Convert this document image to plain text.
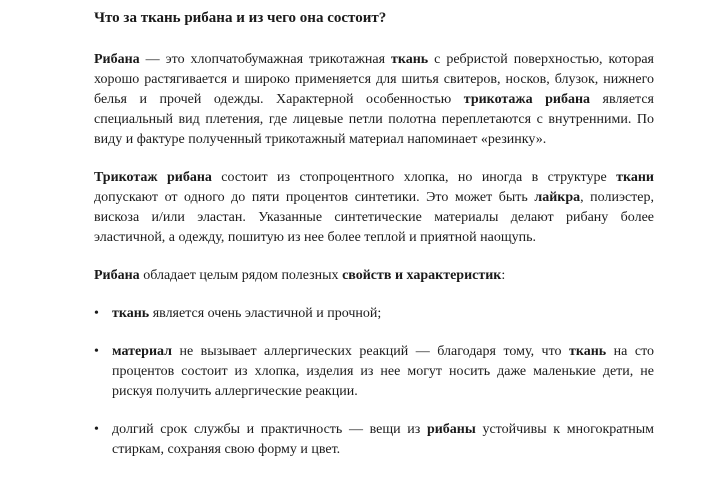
Что за ткань рибана и из чего она состоит?

Рибана — это хлопчатобумажная трикотажная ткань с ребристой поверхностью, которая хорошо растягивается и широко применяется для шитья свитеров, носков, блузок, нижнего белья и прочей одежды. Характерной особенностью трикотажа рибана является специальный вид плетения, где лицевые петли полотна переплетаются с внутренними. По виду и фактуре полученный трикотажный материал напоминает «резинку».

Трикотаж рибана состоит из стопроцентного хлопка, но иногда в структуре ткани допускают от одного до пяти процентов синтетики. Это может быть лайкра, полиэстер, вискоза и/или эластан. Указанные синтетические материалы делают рибану более эластичной, а одежду, пошитую из нее более теплой и приятной наощупь.

Рибана обладает целым рядом полезных свойств и характеристик:

• ткань является очень эластичной и прочной;
• материал не вызывает аллергических реакций — благодаря тому, что ткань на сто процентов состоит из хлопка, изделия из нее могут носить даже маленькие дети, не рискуя получить аллергические реакции.
• долгий срок службы и практичность — вещи из рибаны устойчивы к многократным стиркам, сохраняя свою форму и цвет.
